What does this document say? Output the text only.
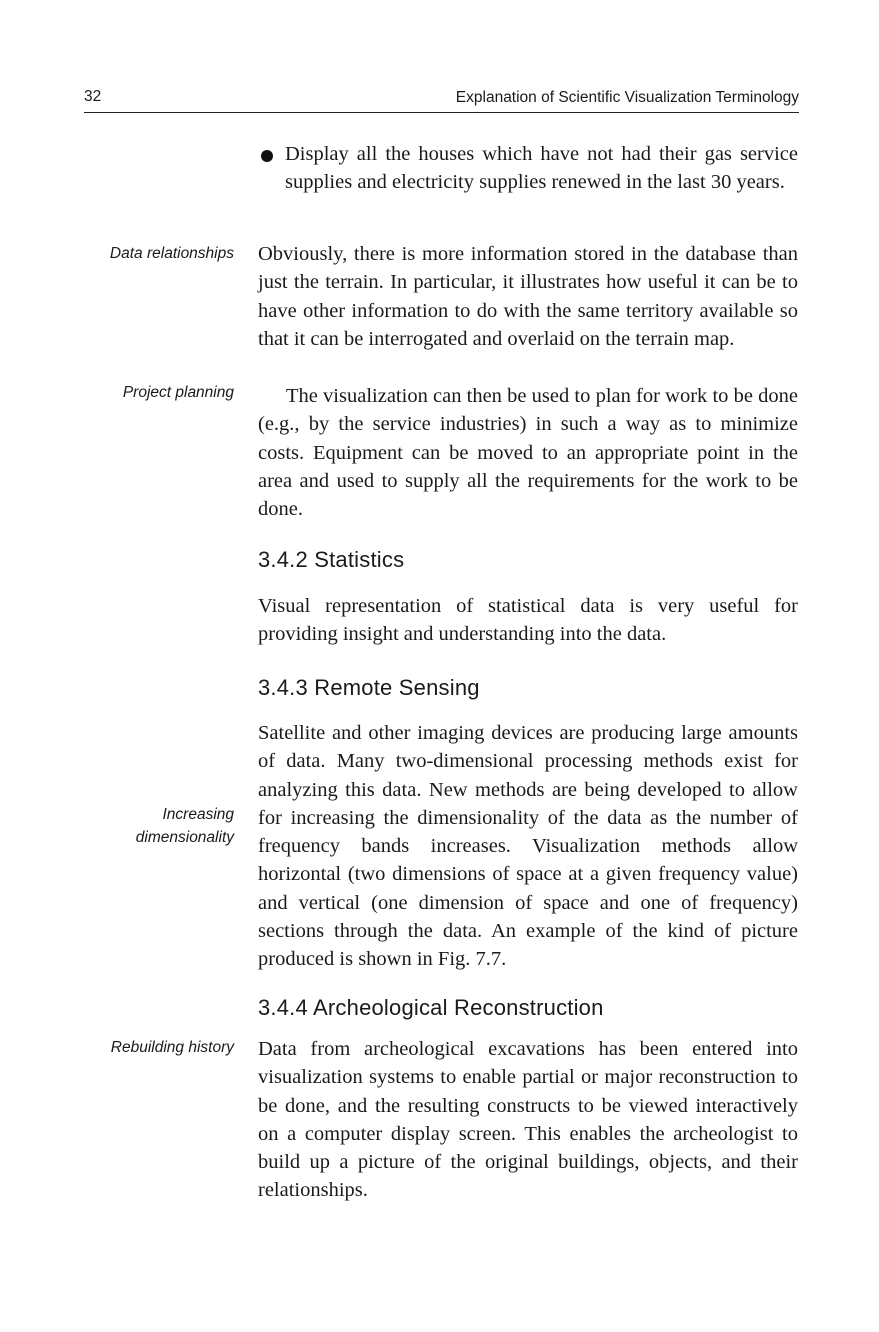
32	Explanation of Scientific Visualization Terminology

Display all the houses which have not had their gas service supplies and electricity supplies renewed in the last 30 years.

Data relationships Obviously, there is more information stored in the database than just the terrain. In particular, it illustrates how useful it can be to have other information to do with the same territory available so that it can be interrogated and overlaid on the terrain map.

Project planning	The visualization can then be used to plan for work to be done (e.g., by the service industries) in such a way as to minimize costs. Equipment can be moved to an appropriate point in the area and used to supply all the requirements for the work to be done.

3.4.2 Statistics

Visual representation of statistical data is very useful for providing insight and understanding into the data.

3.4.3 Remote Sensing

Satellite and other imaging devices are producing large amounts of data. Many two-dimensional processing methods exist for analyzing this data. New methods are being developed to allow for increasing the dimensionality of the data as the number of frequency bands increases. Visualization methods allow horizontal (two dimensions of space at a given frequency value) and vertical (one dimension of space and one of frequency) sections through the data. An example of the kind of picture produced is shown in Fig. 7.7.

Increasing
dimensionality
3.4.4 Archeological Reconstruction
Rebuilding history Data from archeological excavations has been entered into visualization systems to enable partial or major reconstruction to be done, and the resulting constructs to be viewed interactively on a computer display screen. This enables the archeologist to build up a picture of the original buildings, objects, and their relationships.
